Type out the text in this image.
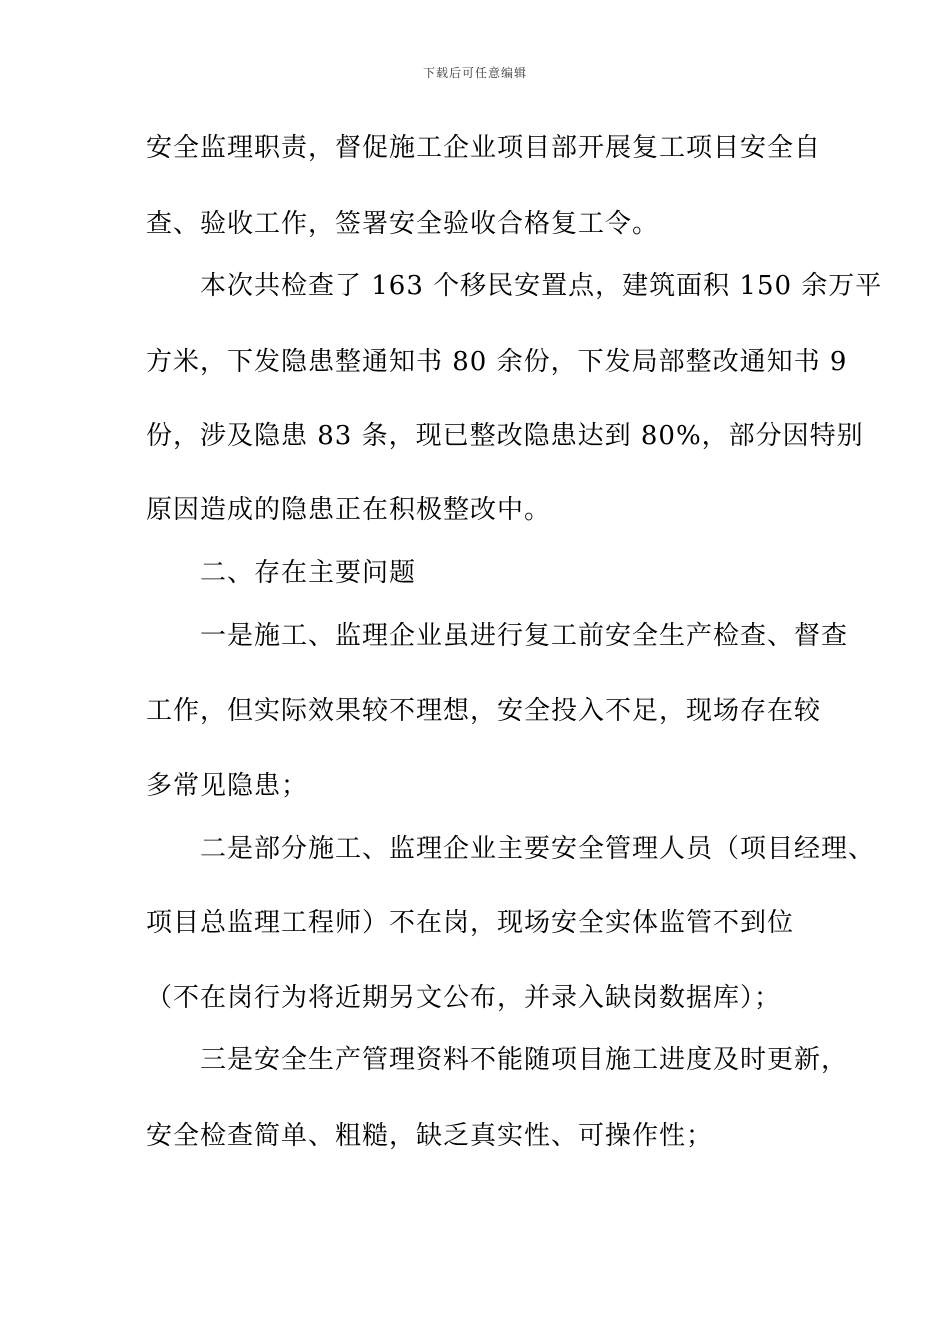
下载后可任意编辑
安全监理职责，督促施工企业项目部开展复工项目安全自
查、验收工作，签署安全验收合格复工令。
　　本次共检查了 163 个移民安置点，建筑面积 150 余万平
方米，下发隐患整通知书 80 余份，下发局部整改通知书 9
份，涉及隐患 83 条，现已整改隐患达到 80%，部分因特别
原因造成的隐患正在积极整改中。
　　二、存在主要问题
　　一是施工、监理企业虽进行复工前安全生产检查、督查
工作，但实际效果较不理想，安全投入不足，现场存在较
多常见隐患；
　　二是部分施工、监理企业主要安全管理人员（项目经理、
项目总监理工程师）不在岗，现场安全实体监管不到位
（不在岗行为将近期另文公布，并录入缺岗数据库）；
　　三是安全生产管理资料不能随项目施工进度及时更新，
安全检查简单、粗糙，缺乏真实性、可操作性；
